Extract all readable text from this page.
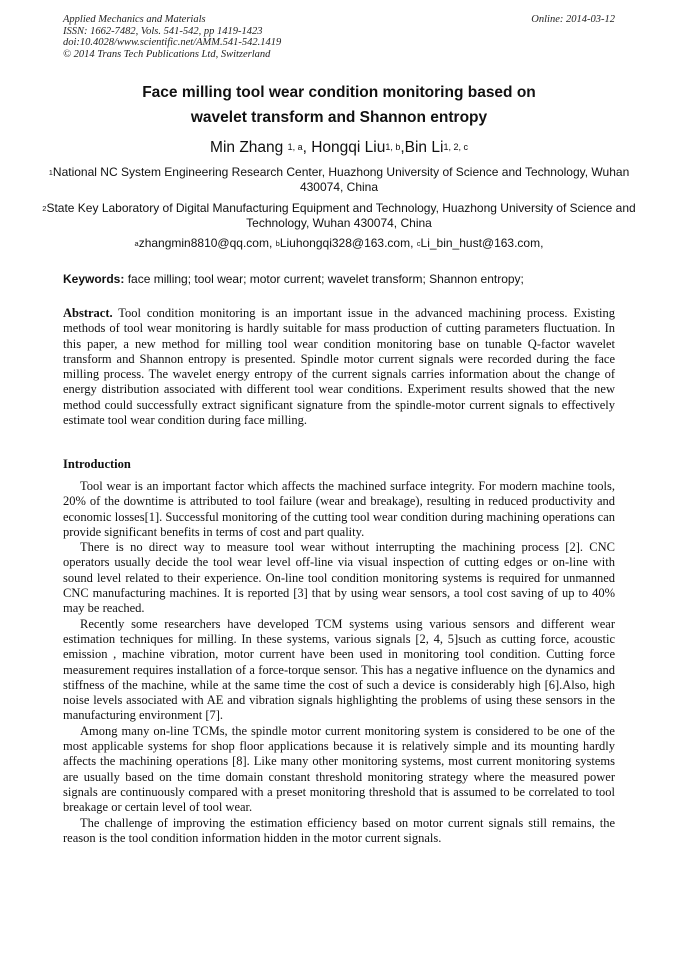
Applied Mechanics and Materials
ISSN: 1662-7482, Vols. 541-542, pp 1419-1423
doi:10.4028/www.scientific.net/AMM.541-542.1419
© 2014 Trans Tech Publications Ltd, Switzerland
Online: 2014-03-12
Face milling tool wear condition monitoring based on
wavelet transform and Shannon entropy
Min Zhang $^{1, a}$, Hongqi Liu$^{1, b}$,Bin Li$^{1, 2, c}$
$^1$National NC System Engineering Research Center, Huazhong University of Science and Technology, Wuhan 430074, China
$^2$State Key Laboratory of Digital Manufacturing Equipment and Technology, Huazhong University of Science and Technology, Wuhan 430074, China
$^a$zhangmin8810@qq.com, $^b$Liuhongqi328@163.com, $^c$Li_bin_hust@163.com,
Keywords: face milling; tool wear; motor current; wavelet transform; Shannon entropy;
Abstract. Tool condition monitoring is an important issue in the advanced machining process. Existing methods of tool wear monitoring is hardly suitable for mass production of cutting parameters fluctuation. In this paper, a new method for milling tool wear condition monitoring base on tunable Q-factor wavelet transform and Shannon entropy is presented. Spindle motor current signals were recorded during the face milling process. The wavelet energy entropy of the current signals carries information about the change of energy distribution associated with different tool wear conditions. Experiment results showed that the new method could successfully extract significant signature from the spindle-motor current signals to effectively estimate tool wear condition during face milling.
Introduction

Tool wear is an important factor which affects the machined surface integrity. For modern machine tools, 20% of the downtime is attributed to tool failure (wear and breakage), resulting in reduced productivity and economic losses[1]. Successful monitoring of the cutting tool wear condition during machining operations can provide significant benefits in terms of cost and part quality.

There is no direct way to measure tool wear without interrupting the machining process [2]. CNC operators usually decide the tool wear level off-line via visual inspection of cutting edges or on-line with sound level related to their experience. On-line tool condition monitoring systems is required for unmanned CNC manufacturing machines. It is reported [3] that by using wear sensors, a tool cost saving of up to 40% may be reached.

Recently some researchers have developed TCM systems using various sensors and different wear estimation techniques for milling. In these systems, various signals [2, 4, 5]such as cutting force, acoustic emission , machine vibration, motor current have been used in monitoring tool condition. Cutting force measurement requires installation of a force-torque sensor. This has a negative influence on the dynamics and stiffness of the machine, while at the same time the cost of such a device is considerably high [6].Also, high noise levels associated with AE and vibration signals highlighting the problems of using these sensors in the manufacturing environment [7].

Among many on-line TCMs, the spindle motor current monitoring system is considered to be one of the most applicable systems for shop floor applications because it is relatively simple and its mounting hardly affects the machining operations [8]. Like many other monitoring systems, most current monitoring systems are usually based on the time domain constant threshold monitoring strategy where the measured power signals are continuously compared with a preset monitoring threshold that is assumed to be correlated to tool breakage or certain level of tool wear.

The challenge of improving the estimation efficiency based on motor current signals still remains, the reason is the tool condition information hidden in the motor current signals.
